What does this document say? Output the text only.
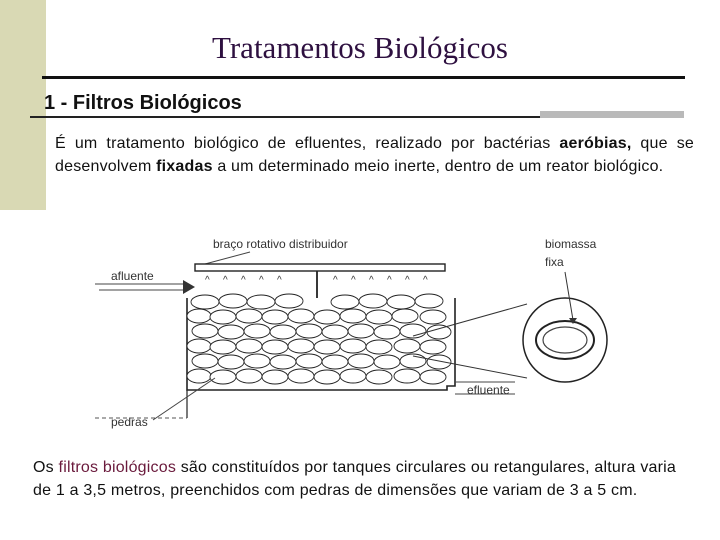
Tratamentos Biológicos
1 - Filtros Biológicos

É um tratamento biológico de efluentes, realizado por bactérias aeróbias, que se desenvolvem fixadas a um determinado meio inerte, dentro de um reator biológico.

braço rotativo distribuidor
^ ^ ^ ^ ^	^ ^ ^ ^ ^ ^
afluente
biomassa
fixa
efluente
pedras

Os filtros biológicos são constituídos por tanques circulares ou retangulares, altura varia de 1 a 3,5 metros, preenchidos com pedras de dimensões que variam de 3 a 5 cm.
